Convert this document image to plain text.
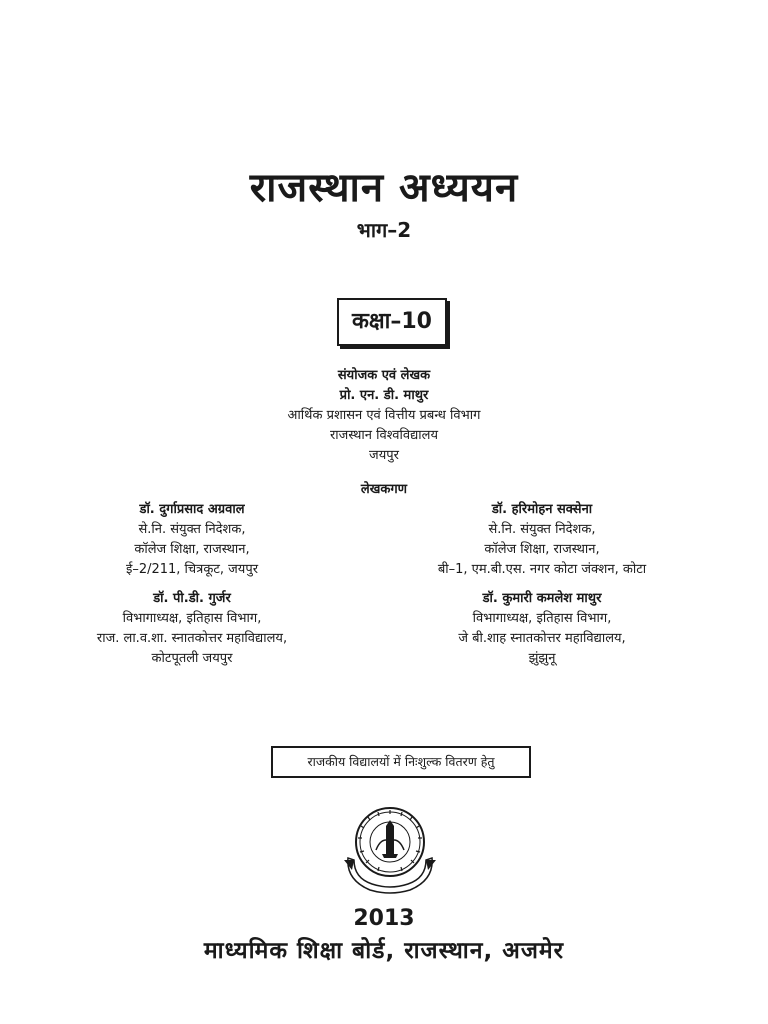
राजस्थान अध्ययन
भाग–2
कक्षा–10
संयोजक एवं लेखक
प्रो. एन. डी. माथुर
आर्थिक प्रशासन एवं वित्तीय प्रबन्ध विभाग
राजस्थान विश्वविद्यालय
जयपुर
लेखकगण
डॉ. दुर्गाप्रसाद अग्रवाल
से.नि. संयुक्त निदेशक,
कॉलेज शिक्षा, राजस्थान,
ई–2/211, चित्रकूट, जयपुर
डॉ. हरिमोहन सक्सेना
से.नि. संयुक्त निदेशक,
कॉलेज शिक्षा, राजस्थान,
बी–1, एम.बी.एस. नगर कोटा जंक्शन, कोटा
डॉ. पी.डी. गुर्जर
विभागाध्यक्ष, इतिहास विभाग,
राज. ला.व.शा. स्नातकोत्तर महाविद्यालय,
कोटपूतली जयपुर
डॉ. कुमारी कमलेश माथुर
विभागाध्यक्ष, इतिहास विभाग,
जे बी.शाह स्नातकोत्तर महाविद्यालय,
झुंझुनू
राजकीय विद्यालयों में निःशुल्क वितरण हेतु
2013
माध्यमिक शिक्षा बोर्ड, राजस्थान, अजमेर
